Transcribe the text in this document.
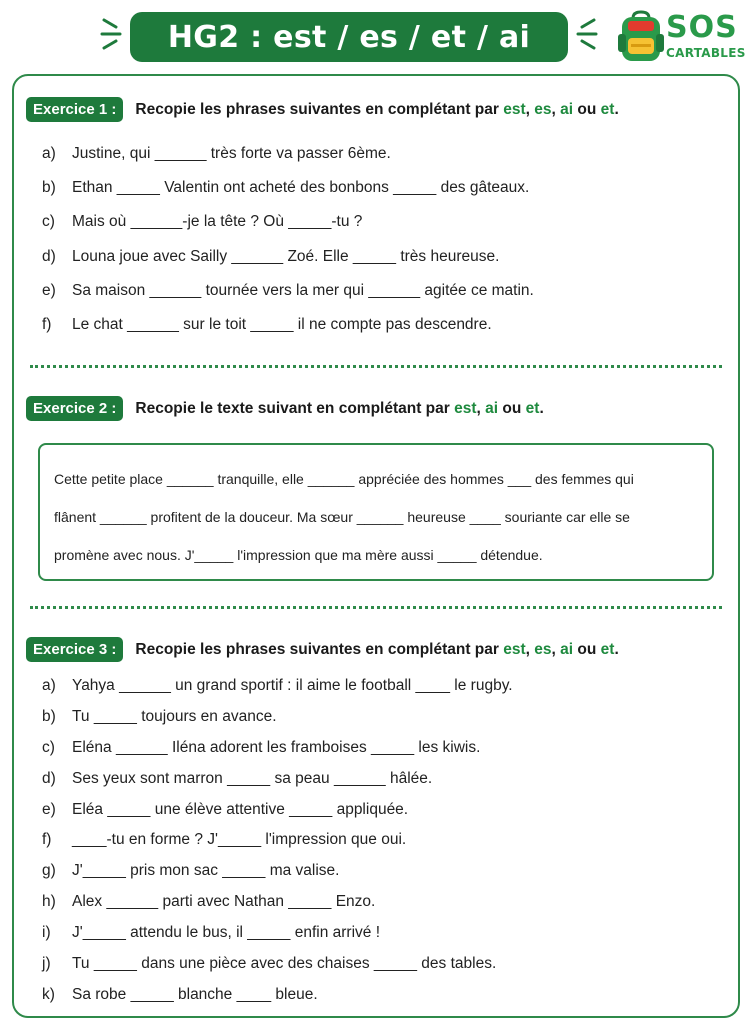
HG2 : est / es / et / ai	SOS
CARTABLES
Exercice 1 :	Recopie les phrases suivantes en complétant par est, es, ai ou et.
a)	Justine, qui ______ très forte va passer 6ème.
b)	Ethan _____ Valentin ont acheté des bonbons _____ des gâteaux.
c)	Mais où ______-je la tête ? Où _____-tu ?
d)	Louna joue avec Sailly ______ Zoé. Elle _____ très heureuse.
e)	Sa maison ______ tournée vers la mer qui ______ agitée ce matin.
f)	Le chat ______ sur le toit _____ il ne compte pas descendre.
Exercice 2 :	Recopie le texte suivant en complétant par est, ai ou et.

Cette petite place ______ tranquille, elle ______ appréciée des hommes ___ des femmes qui

flânent ______ profitent de la douceur. Ma sœur ______ heureuse ____ souriante car elle se

promène avec nous. J'_____ l'impression que ma mère aussi _____ détendue.

Exercice 3 :	Recopie les phrases suivantes en complétant par est, es, ai ou et.
a)	Yahya ______ un grand sportif : il aime le football ____ le rugby.
b)	Tu _____ toujours en avance.
c)	Eléna ______ Iléna adorent les framboises _____ les kiwis.
d)	Ses yeux sont marron _____ sa peau ______ hâlée.
e)	Eléa _____ une élève attentive _____ appliquée.
f)	____-tu en forme ? J'_____ l'impression que oui.
g)	J'_____ pris mon sac _____ ma valise.
h)	Alex ______ parti avec Nathan _____ Enzo.
i)	J'_____ attendu le bus, il _____ enfin arrivé !
j)	Tu _____ dans une pièce avec des chaises _____ des tables.
k)	Sa robe _____ blanche ____ bleue.
